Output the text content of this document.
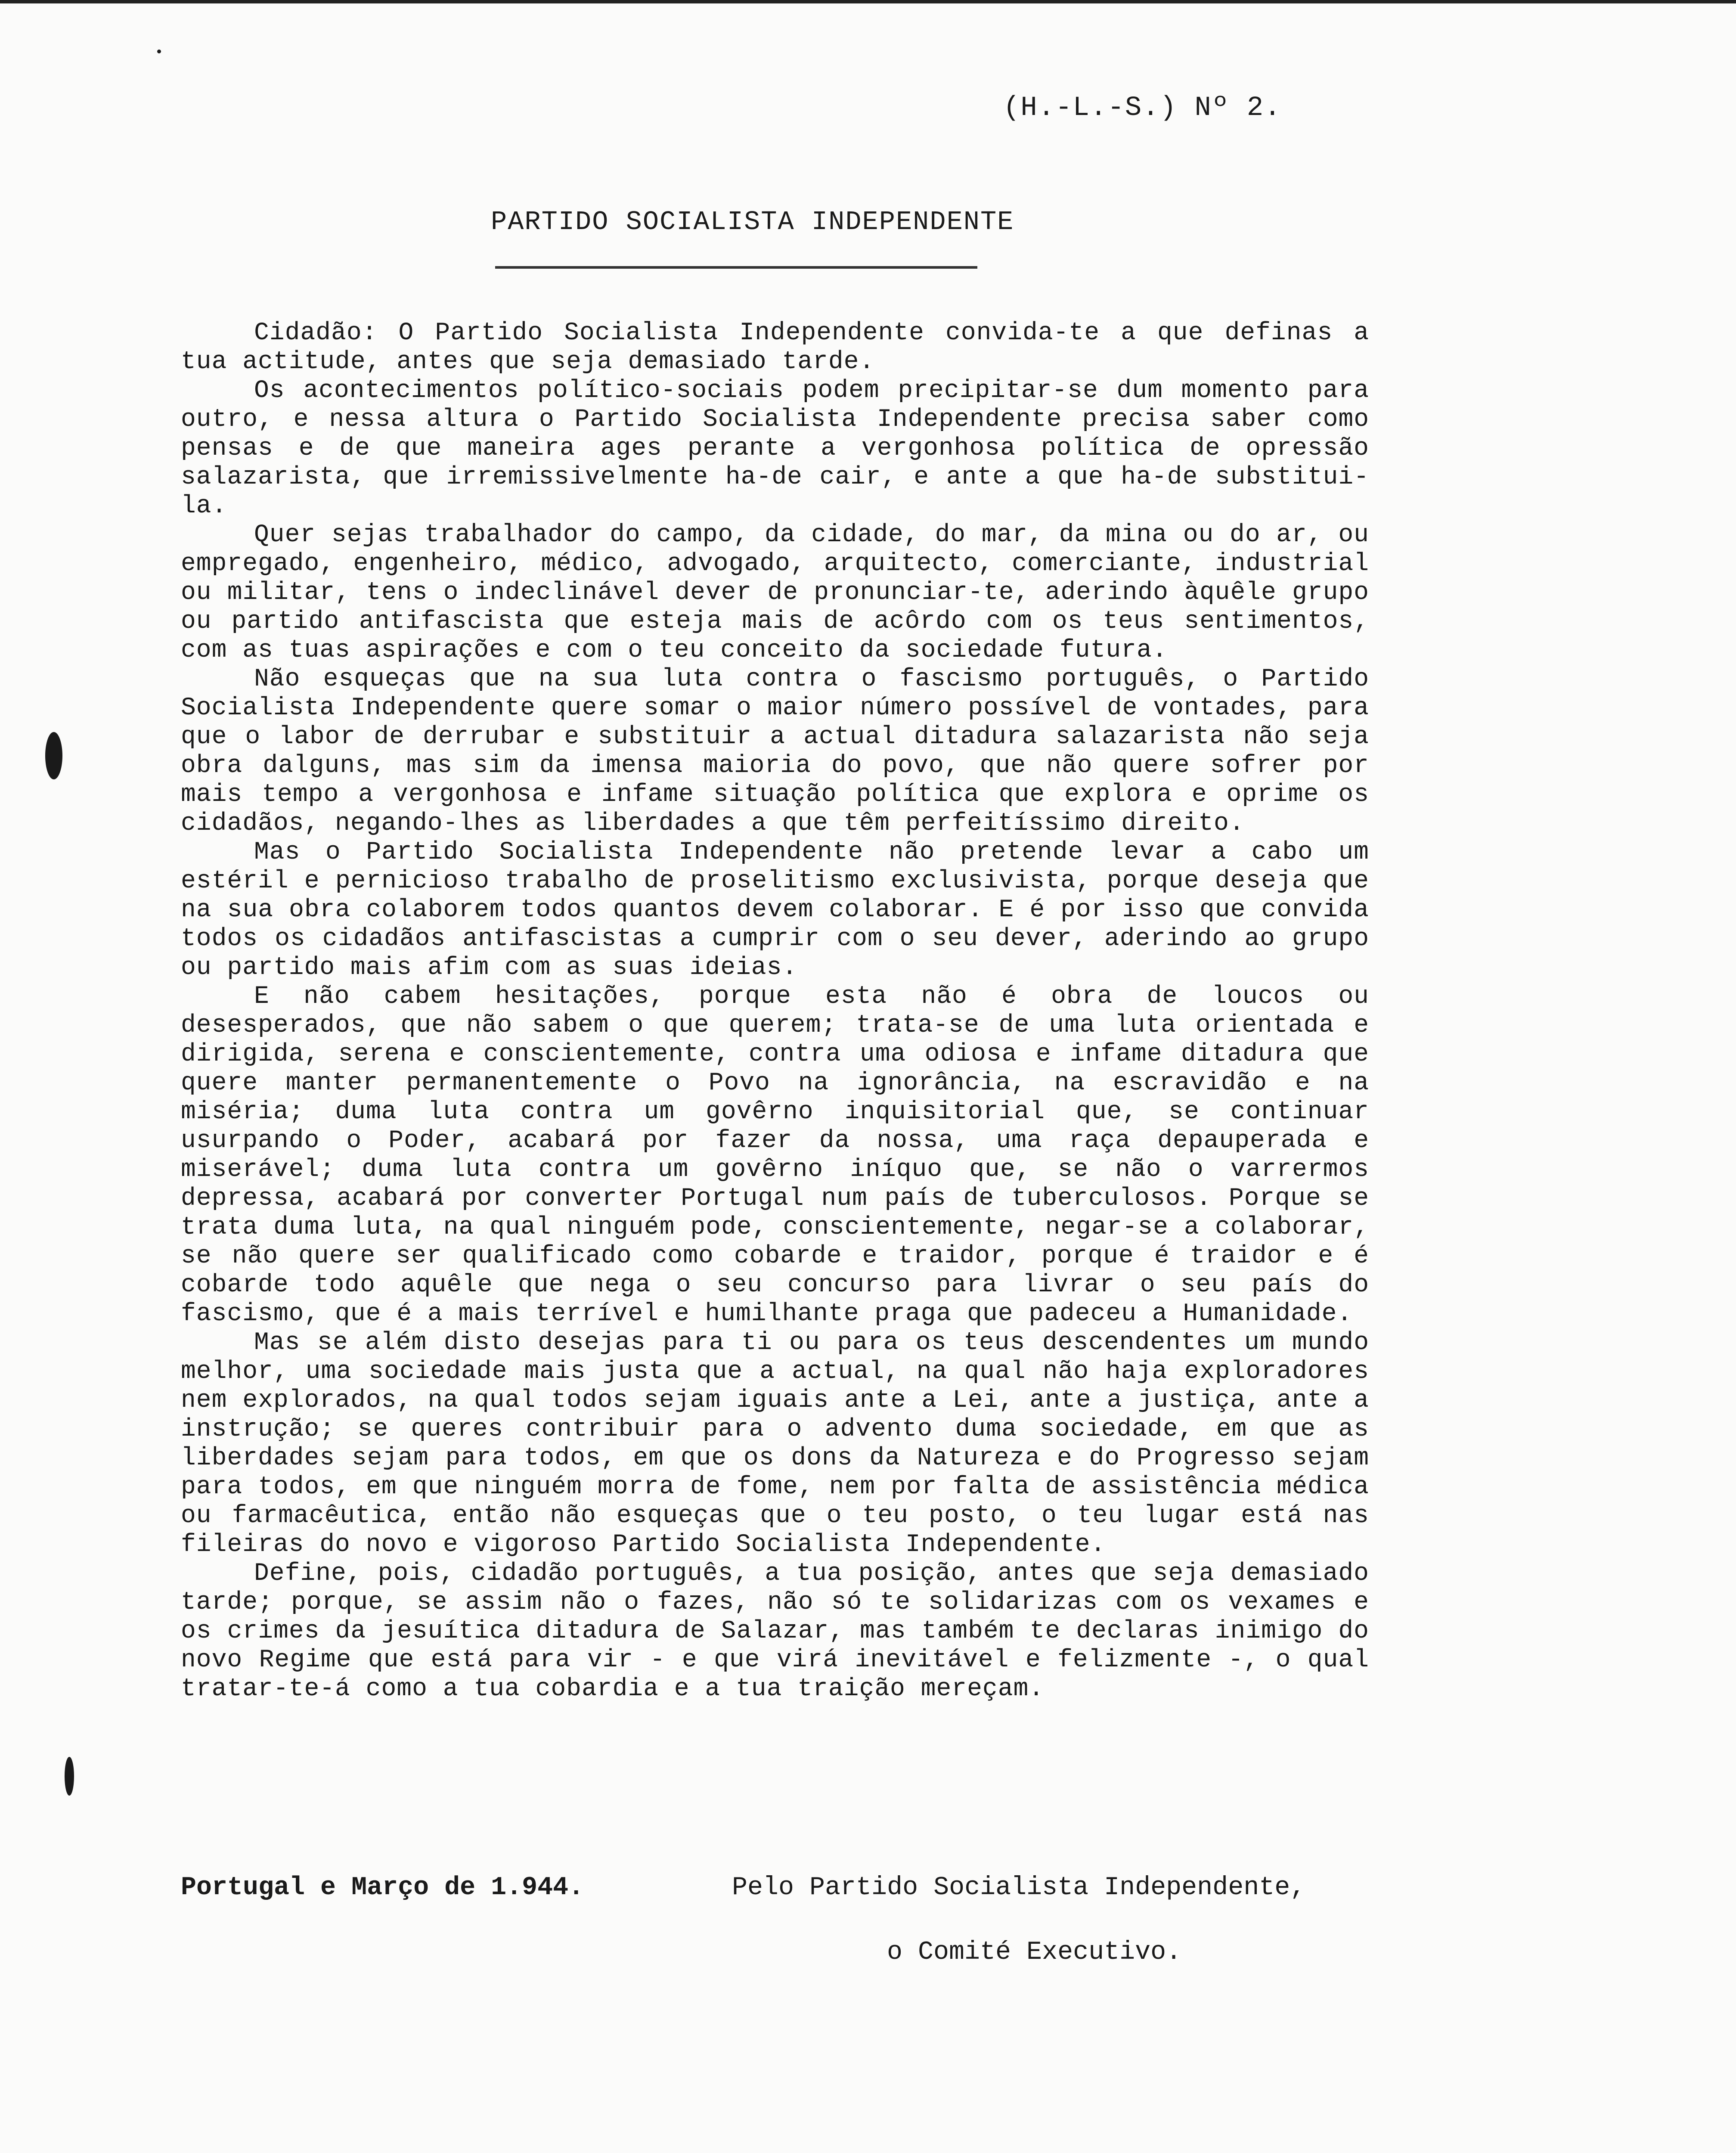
(H.-L.-S.) Nº 2.
PARTIDO SOCIALISTA INDEPENDENTE

Cidadão: O Partido Socialista Independente convida-te a que definas a tua actitude, antes que seja demasiado tarde.

Os acontecimentos político-sociais podem precipitar-se dum momento para outro, e nessa altura o Partido Socialista Independente precisa saber como pensas e de que maneira ages perante a vergonhosa política de opressão salazarista, que irremissivelmente ha-de cair, e ante a que ha-de substitui-la.

Quer sejas trabalhador do campo, da cidade, do mar, da mina ou do ar, ou empregado, engenheiro, médico, advogado, arquitecto, comerciante, industrial ou militar, tens o indeclinável dever de pronunciar-te, aderindo àquêle grupo ou partido antifascista que esteja mais de acôrdo com os teus sentimentos, com as tuas aspirações e com o teu conceito da sociedade futura.

Não esqueças que na sua luta contra o fascismo português, o Partido Socialista Independente quere somar o maior número possível de vontades, para que o labor de derrubar e substituir a actual ditadura salazarista não seja obra dalguns, mas sim da imensa maioria do povo, que não quere sofrer por mais tempo a vergonhosa e infame situação política que explora e oprime os cidadãos, negando-lhes as liberdades a que têm perfeitíssimo direito.

Mas o Partido Socialista Independente não pretende levar a cabo um estéril e pernicioso trabalho de proselitismo exclusivista, porque deseja que na sua obra colaborem todos quantos devem colaborar. E é por isso que convida todos os cidadãos antifascistas a cumprir com o seu dever, aderindo ao grupo ou partido mais afim com as suas ideias.

E não cabem hesitações, porque esta não é obra de loucos ou desesperados, que não sabem o que querem; trata-se de uma luta orientada e dirigida, serena e conscientemente, contra uma odiosa e infame ditadura que quere manter permanentemente o Povo na ignorância, na escravidão e na miséria; duma luta contra um govêrno inquisitorial que, se continuar usurpando o Poder, acabará por fazer da nossa, uma raça depauperada e miserável; duma luta contra um govêrno iníquo que, se não o varrermos depressa, acabará por converter Portugal num país de tuberculosos. Porque se trata duma luta, na qual ninguém pode, conscientemente, negar-se a colaborar, se não quere ser qualificado como cobarde e traidor, porque é traidor e é cobarde todo aquêle que nega o seu concurso para livrar o seu país do fascismo, que é a mais terrível e humilhante praga que padeceu a Humanidade.

Mas se além disto desejas para ti ou para os teus descendentes um mundo melhor, uma sociedade mais justa que a actual, na qual não haja exploradores nem explorados, na qual todos sejam iguais ante a Lei, ante a justiça, ante a instrução; se queres contribuir para o advento duma sociedade, em que as liberdades sejam para todos, em que os dons da Natureza e do Progresso sejam para todos, em que ninguém morra de fome, nem por falta de assistência médica ou farmacêutica, então não esqueças que o teu posto, o teu lugar está nas fileiras do novo e vigoroso Partido Socialista Independente.

Define, pois, cidadão português, a tua posição, antes que seja demasiado tarde; porque, se assim não o fazes, não só te solidarizas com os vexames e os crimes da jesuítica ditadura de Salazar, mas também te declaras inimigo do novo Regime que está para vir - e que virá inevitável e felizmente -, o qual tratar-te-á como a tua cobardia e a tua traição mereçam.

Portugal e Março de 1.944.	Pelo Partido Socialista Independente,
o Comité Executivo.
